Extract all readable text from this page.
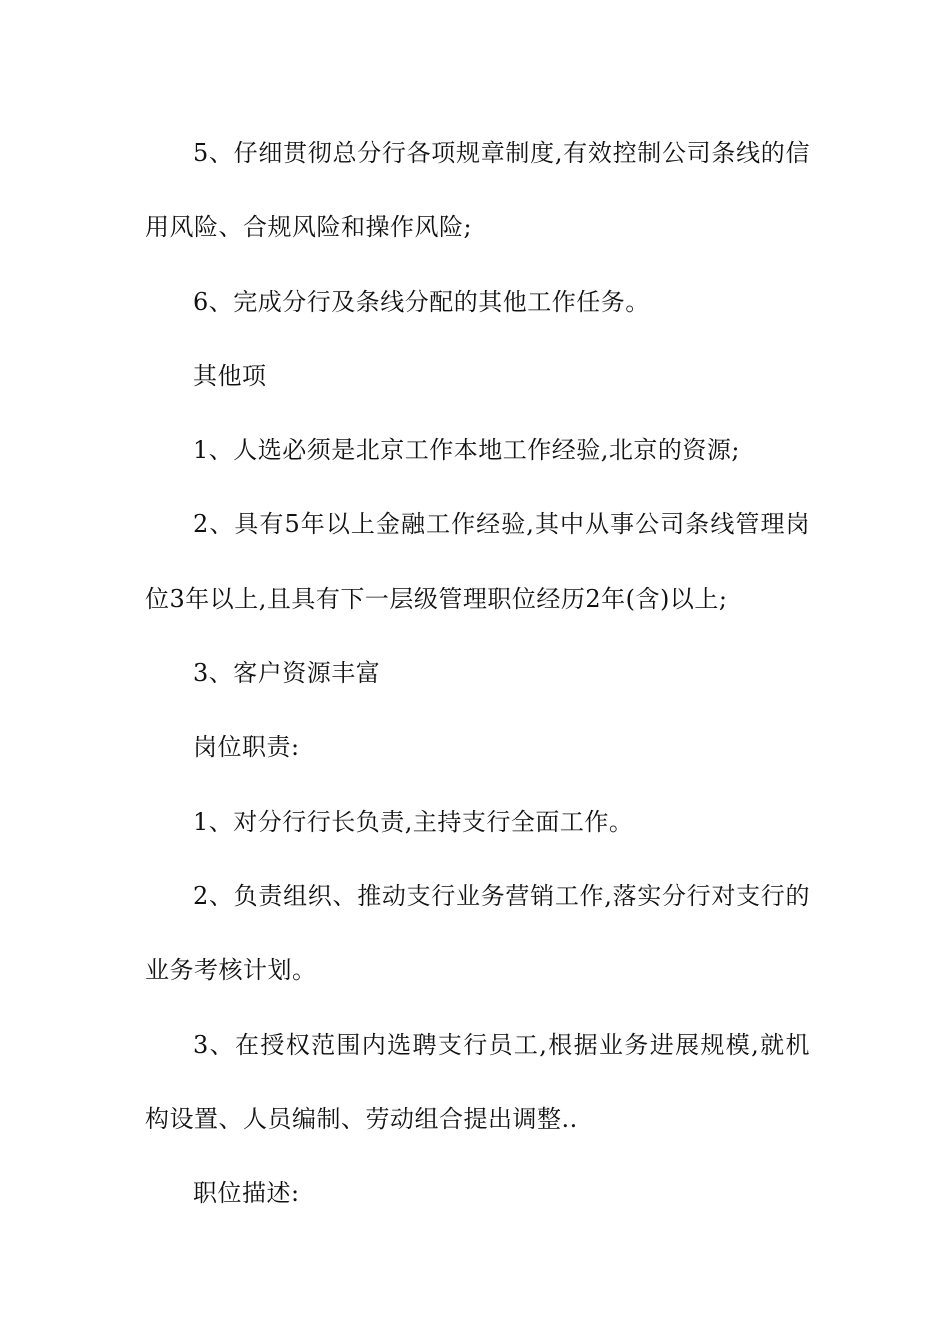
5、仔细贯彻总分行各项规章制度,有效控制公司条线的信用风险、合规风险和操作风险;

6、完成分行及条线分配的其他工作任务。

其他项

1、人选必须是北京工作本地工作经验,北京的资源;

2、具有5年以上金融工作经验,其中从事公司条线管理岗位3年以上,且具有下一层级管理职位经历2年(含)以上;

3、客户资源丰富

岗位职责:

1、对分行行长负责,主持支行全面工作。

2、负责组织、推动支行业务营销工作,落实分行对支行的业务考核计划。

3、在授权范围内选聘支行员工,根据业务进展规模,就机构设置、人员编制、劳动组合提出调整..

职位描述:
